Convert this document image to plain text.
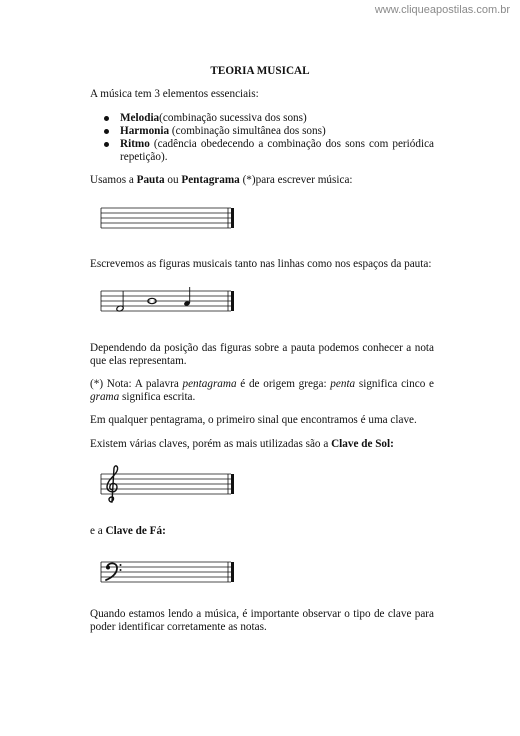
www.cliqueapostilas.com.br
TEORIA MUSICAL
A música tem 3 elementos essenciais:
Melodia(combinação sucessiva dos sons)
Harmonia (combinação simultânea dos sons)
Ritmo (cadência obedecendo a combinação dos sons com periódica repetição).
Usamos a Pauta ou Pentagrama (*)para escrever música:
Escrevemos as figuras musicais tanto nas linhas como nos espaços da pauta:
Dependendo da posição das figuras sobre a pauta podemos conhecer a nota que elas representam.
(*) Nota: A palavra pentagrama é de origem grega: penta significa cinco e grama significa escrita.
Em qualquer pentagrama, o primeiro sinal que encontramos é uma clave.
Existem várias claves, porém as mais utilizadas são a Clave de Sol:
e a Clave de Fá:
Quando estamos lendo a música, é importante observar o tipo de clave para poder identificar corretamente as notas.
